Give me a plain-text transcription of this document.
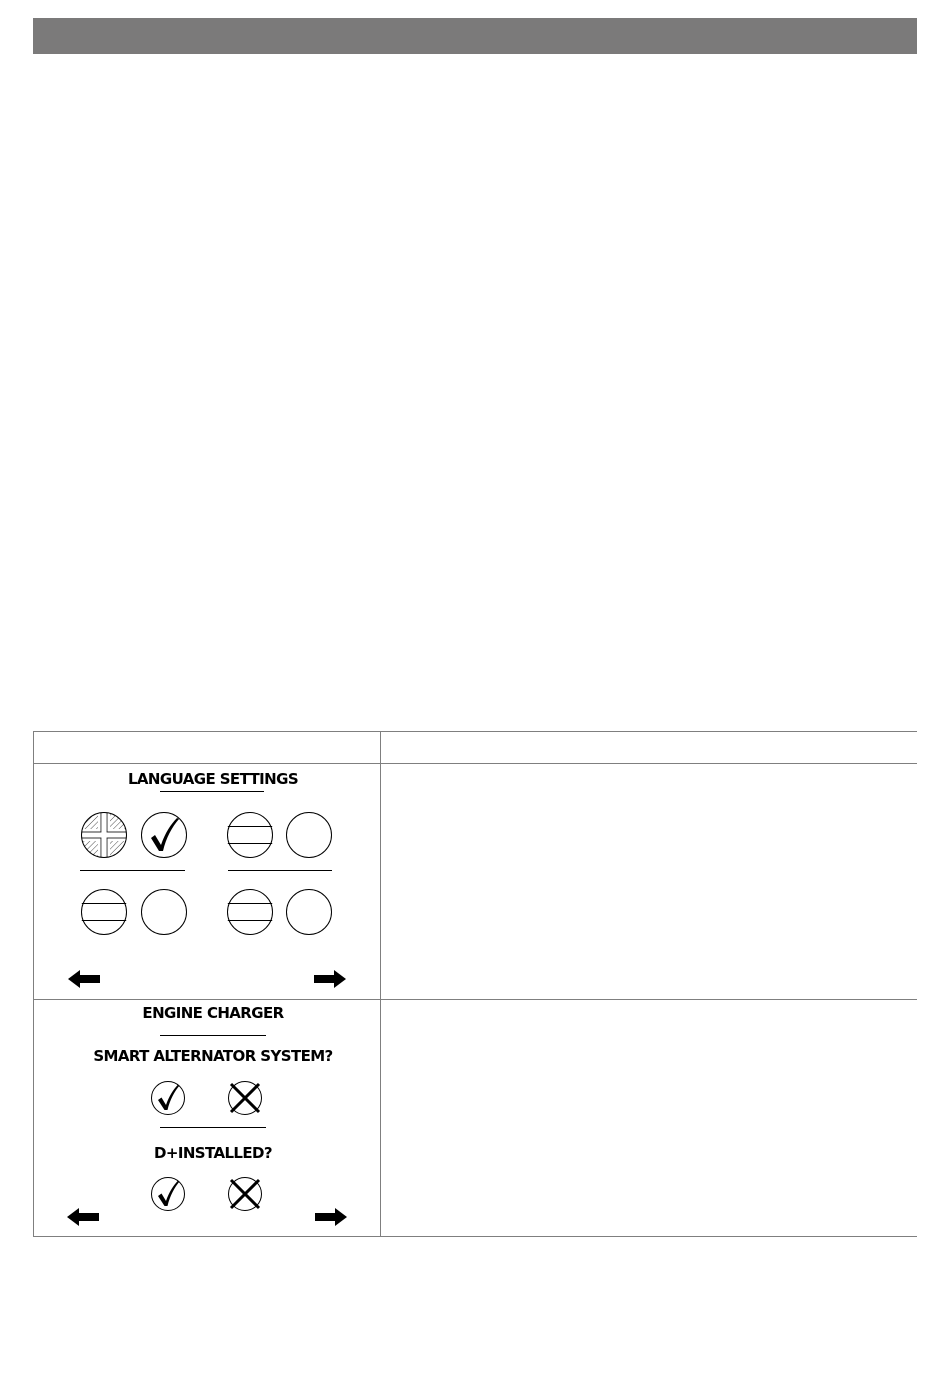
LANGUAGE SETTINGS
ENGINE CHARGER
SMART ALTERNATOR SYSTEM?
D+INSTALLED?
